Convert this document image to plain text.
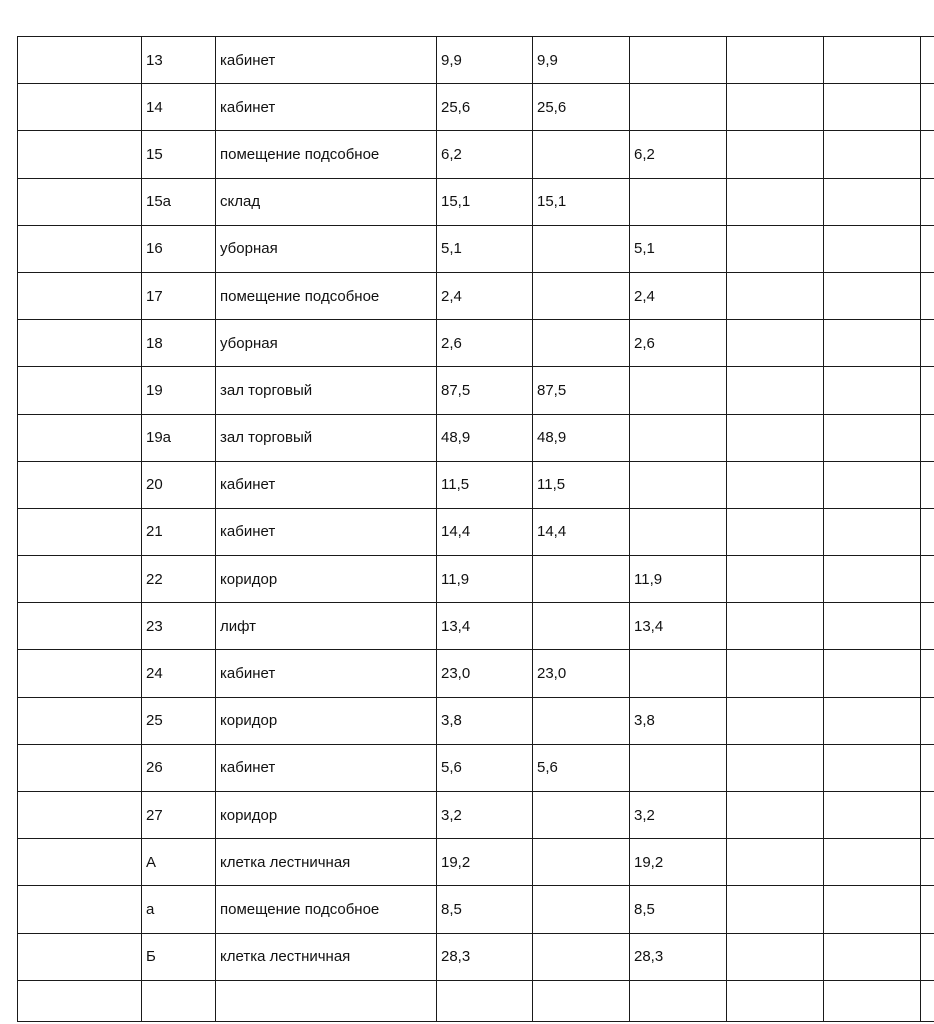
	13	кабинет	9,9	9,9				
	14	кабинет	25,6	25,6				
	15	помещение подсобное	6,2		6,2			
	15а	склад	15,1	15,1				
	16	уборная	5,1		5,1			
	17	помещение подсобное	2,4		2,4			
	18	уборная	2,6		2,6			
	19	зал торговый	87,5	87,5				
	19а	зал торговый	48,9	48,9				
	20	кабинет	11,5	11,5				
	21	кабинет	14,4	14,4				
	22	коридор	11,9		11,9			
	23	лифт	13,4		13,4			
	24	кабинет	23,0	23,0				
	25	коридор	3,8		3,8			
	26	кабинет	5,6	5,6				
	27	коридор	3,2		3,2			
	А	клетка лестничная	19,2		19,2			
	а	помещение подсобное	8,5		8,5			
	Б	клетка лестничная	28,3		28,3			
